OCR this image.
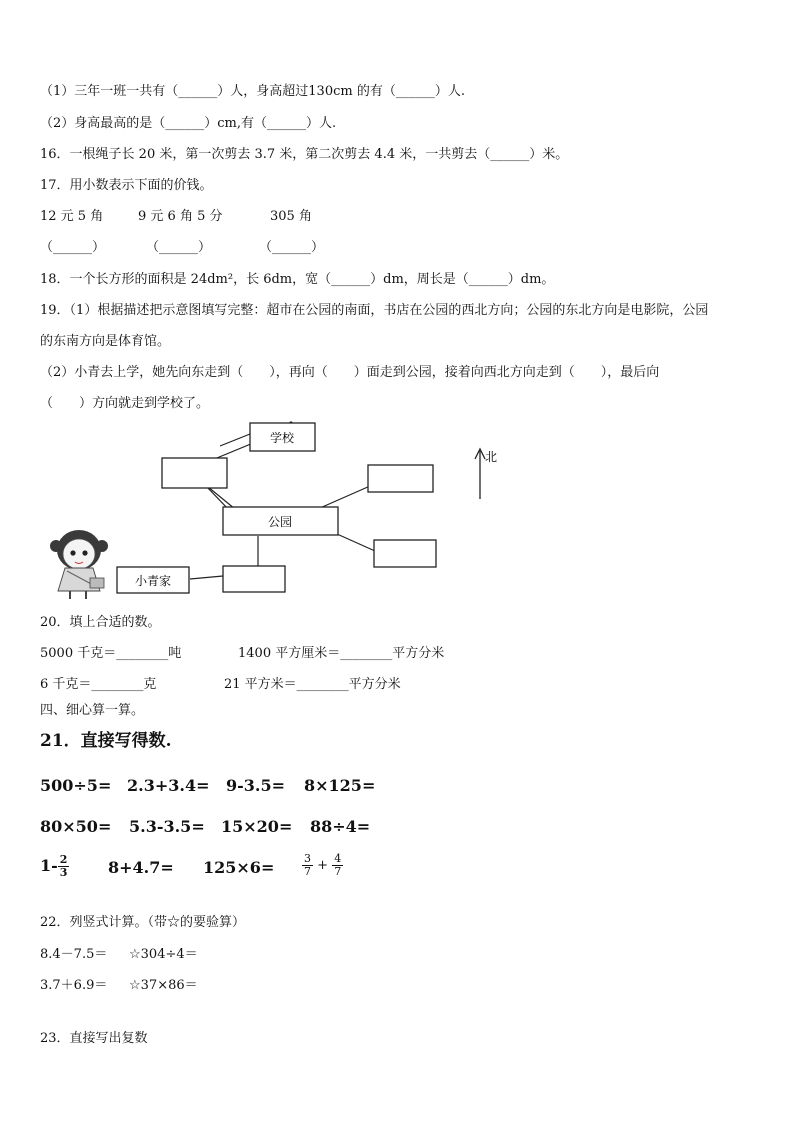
（1）三年一班一共有（______）人，身高超过130cm 的有（______）人.
（2）身高最高的是（______）cm,有（______）人.
16．一根绳子长 20 米，第一次剪去 3.7 米，第二次剪去 4.4 米，一共剪去（______）米。
17．用小数表示下面的价钱。
12 元 5 角	9 元 6 角 5 分	305 角
（______）	（______）	（______）
18．一个长方形的面积是 24dm²，长 6dm，宽（______）dm，周长是（______）dm。
19．（1）根据描述把示意图填写完整：超市在公园的南面，书店在公园的西北方向；公园的东北方向是电影院，公园
的东南方向是体育馆。
（2）小青去上学，她先向东走到（　　），再向（　　）面走到公园，接着向西北方向走到（　　），最后向
（　　）方向就走到学校了。
学校
公园
小青家
北
20．填上合适的数。
5000 千克＝________吨	1400 平方厘米＝________平方分米
6 千克＝________克	21 平方米＝________平方分米
四、细心算一算。
21．直接写得数.
500÷5= 2.3+3.4= 9-3.5= 8×125=
80×50= 5.3-3.5= 15×20= 88÷4=
$1- \frac{2}{3} 8+4.7= 125\times 6=$	$\frac{3}{7} + \frac{4}{7}$
22．列竖式计算。（带☆的要验算）
8.4－7.5＝ ☆304÷4＝
3.7＋6.9＝ ☆37×86＝
23．直接写出复数
